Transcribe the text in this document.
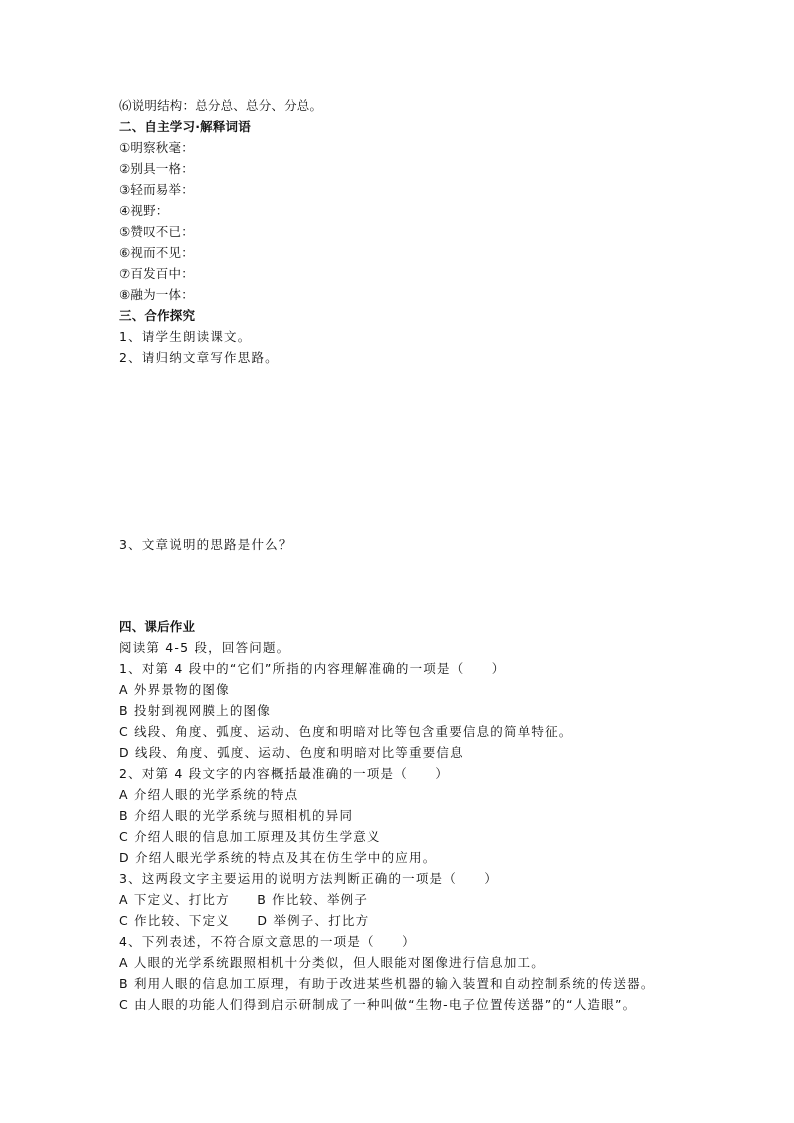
⑹说明结构：总分总、总分、分总。
二、自主学习·解释词语
①明察秋毫：
②别具一格：
③轻而易举：
④视野：
⑤赞叹不已：
⑥视而不见：
⑦百发百中：
⑧融为一体：
三、合作探究
1、请学生朗读课文。
2、请归纳文章写作思路。
3、文章说明的思路是什么？
四、课后作业
阅读第 4-5 段，回答问题。
1、对第 4 段中的“它们”所指的内容理解准确的一项是（　　）
A 外界景物的图像
B 投射到视网膜上的图像
C 线段、角度、弧度、运动、色度和明暗对比等包含重要信息的简单特征。
D 线段、角度、弧度、运动、色度和明暗对比等重要信息
2、对第 4 段文字的内容概括最准确的一项是（　　）
A 介绍人眼的光学系统的特点
B 介绍人眼的光学系统与照相机的异同
C 介绍人眼的信息加工原理及其仿生学意义
D 介绍人眼光学系统的特点及其在仿生学中的应用。
3、这两段文字主要运用的说明方法判断正确的一项是（　　）
A 下定义、打比方　　B 作比较、举例子
C 作比较、下定义　　D 举例子、打比方
4、下列表述，不符合原文意思的一项是（　　）
A 人眼的光学系统跟照相机十分类似，但人眼能对图像进行信息加工。
B 利用人眼的信息加工原理，有助于改进某些机器的输入装置和自动控制系统的传送器。
C 由人眼的功能人们得到启示研制成了一种叫做“生物-电子位置传送器”的“人造眼”。
